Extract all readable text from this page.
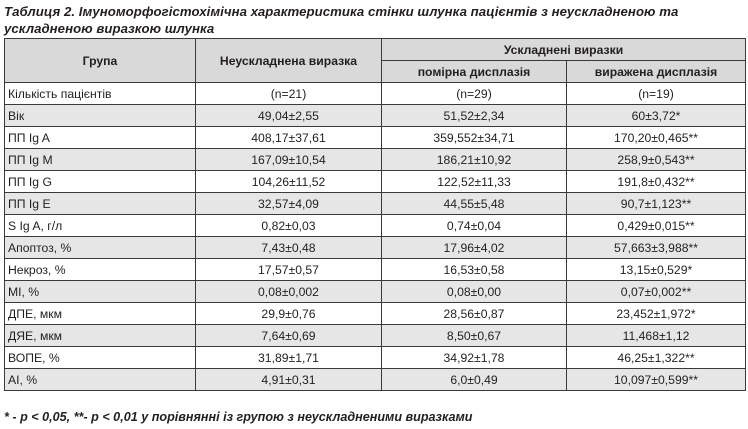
Таблиця 2. Імуноморфогістохімічна характеристика стінки шлунка пацієнтів з неускладненою та ускладненою виразкою шлунка
Група	Неускладнена виразка	Ускладнені виразки	
		помірна дисплазія	виражена дисплазія
Кількість пацієнтів	(n=21)	(n=29)	(n=19)
Вік	49,04±2,55	51,52±2,34	60±3,72*
ПП Ig A	408,17±37,61	359,552±34,71	170,20±0,465**
ПП Ig M	167,09±10,54	186,21±10,92	258,9±0,543**
ПП Ig G	104,26±11,52	122,52±11,33	191,8±0,432**
ПП Ig E	32,57±4,09	44,55±5,48	90,7±1,123**
S Ig A, г/л	0,82±0,03	0,74±0,04	0,429±0,015**
Апоптоз, %	7,43±0,48	17,96±4,02	57,663±3,988**
Некроз, %	17,57±0,57	16,53±0,58	13,15±0,529*
MI, %	0,08±0,002	0,08±0,00	0,07±0,002**
ДПЕ, мкм	29,9±0,76	28,56±0,87	23,452±1,972*
ДЯЕ, мкм	7,64±0,69	8,50±0,67	11,468±1,12
ВОПЕ, %	31,89±1,71	34,92±1,78	46,25±1,322**
AI, %	4,91±0,31	6,0±0,49	10,097±0,599**
* - p < 0,05, **- p < 0,01 у порівнянні із групою з неускладненими виразками
